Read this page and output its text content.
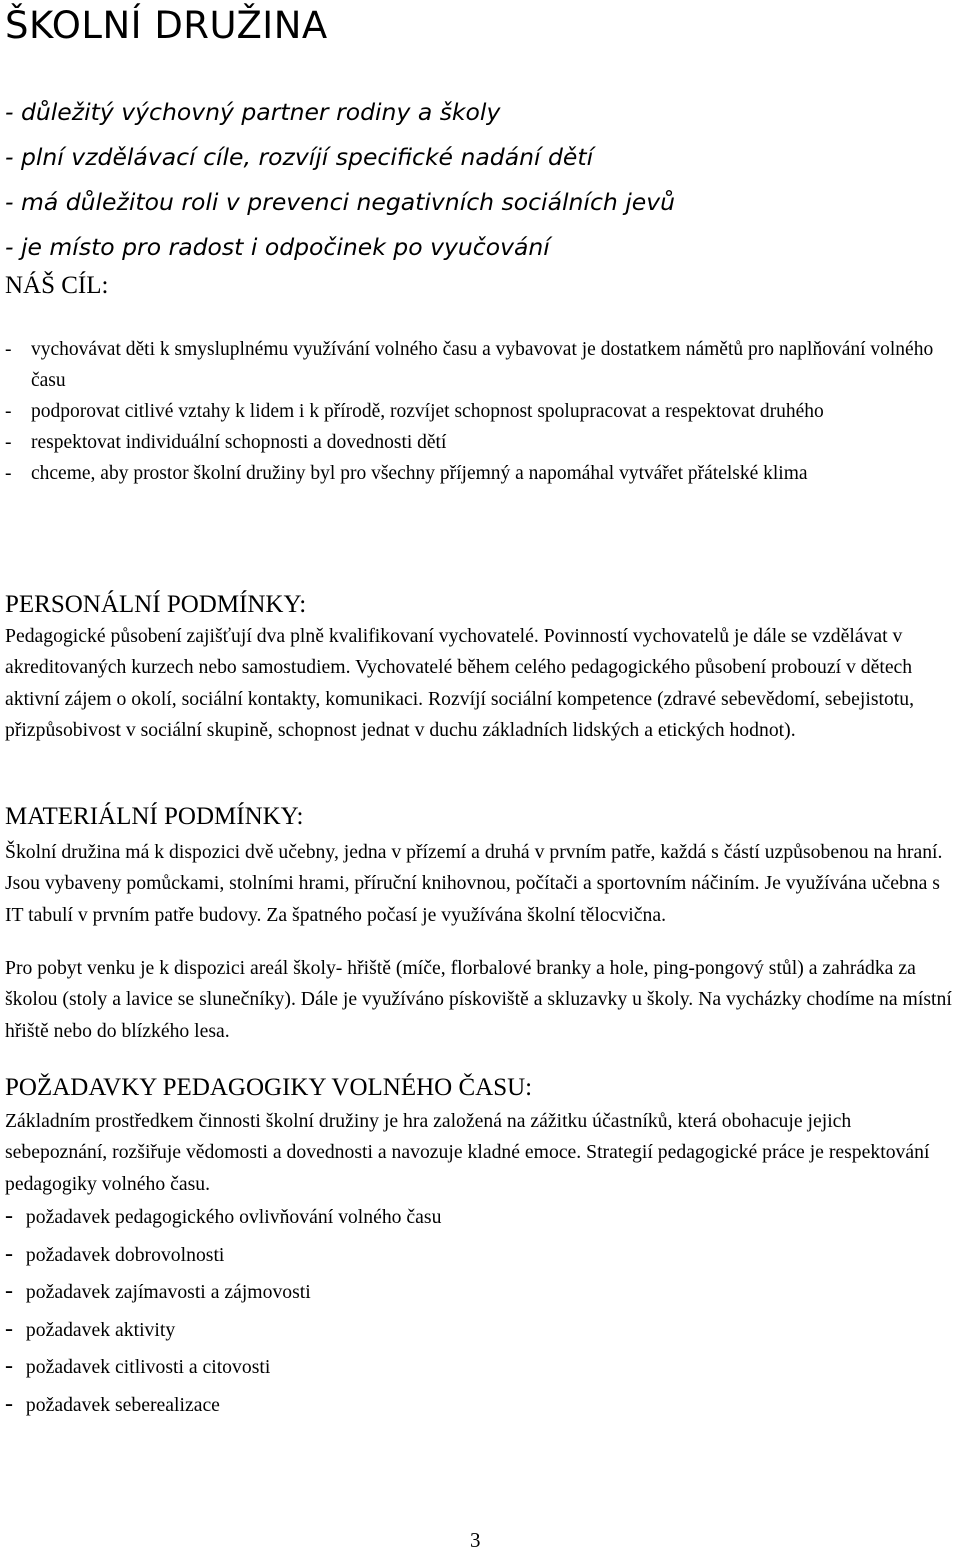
ŠKOLNÍ DRUŽINA
- důležitý výchovný partner rodiny a školy
- plní vzdělávací cíle, rozvíjí specifické nadání dětí
- má důležitou roli v prevenci negativních sociálních jevů
- je místo pro radost i odpočinek po vyučování
NÁŠ CÍL:
-	vychovávat děti k smysluplnému využívání volného času a vybavovat je dostatkem námětů pro naplňování volného času
-	podporovat citlivé vztahy k lidem i k přírodě, rozvíjet schopnost spolupracovat a respektovat druhého
-	respektovat individuální schopnosti a dovednosti dětí
-	chceme, aby prostor školní družiny byl pro všechny příjemný a napomáhal vytvářet přátelské klima
PERSONÁLNÍ PODMÍNKY:
Pedagogické působení zajišťují dva plně kvalifikovaní vychovatelé. Povinností vychovatelů je dále se vzdělávat v akreditovaných kurzech nebo samostudiem. Vychovatelé během celého pedagogického působení probouzí v dětech aktivní zájem o okolí, sociální kontakty, komunikaci. Rozvíjí sociální kompetence (zdravé sebevědomí, sebejistotu, přizpůsobivost v sociální skupině, schopnost jednat v duchu základních lidských a etických hodnot).
MATERIÁLNÍ PODMÍNKY:
Školní družina má k dispozici dvě učebny, jedna v přízemí a druhá v prvním patře, každá s částí uzpůsobenou na hraní. Jsou vybaveny pomůckami, stolními hrami, příruční knihovnou, počítači a sportovním náčiním. Je využívána učebna s IT tabulí v prvním patře budovy. Za špatného počasí je využívána školní tělocvična.
Pro pobyt venku je k dispozici areál školy- hřiště (míče, florbalové branky a hole, ping-pongový stůl) a zahrádka za školou (stoly a lavice se slunečníky). Dále je využíváno pískoviště a skluzavky u školy. Na vycházky chodíme na místní hřiště nebo do blízkého lesa.
POŽADAVKY PEDAGOGIKY VOLNÉHO ČASU:
Základním prostředkem činnosti školní družiny je hra založená na zážitku účastníků, která obohacuje jejich sebepoznání, rozšiřuje vědomosti a dovednosti a navozuje kladné emoce. Strategií pedagogické práce je respektování pedagogiky volného času.
- požadavek pedagogického ovlivňování volného času
- požadavek dobrovolnosti
- požadavek zajímavosti a zájmovosti
- požadavek aktivity
- požadavek citlivosti a citovosti
- požadavek seberealizace
3
